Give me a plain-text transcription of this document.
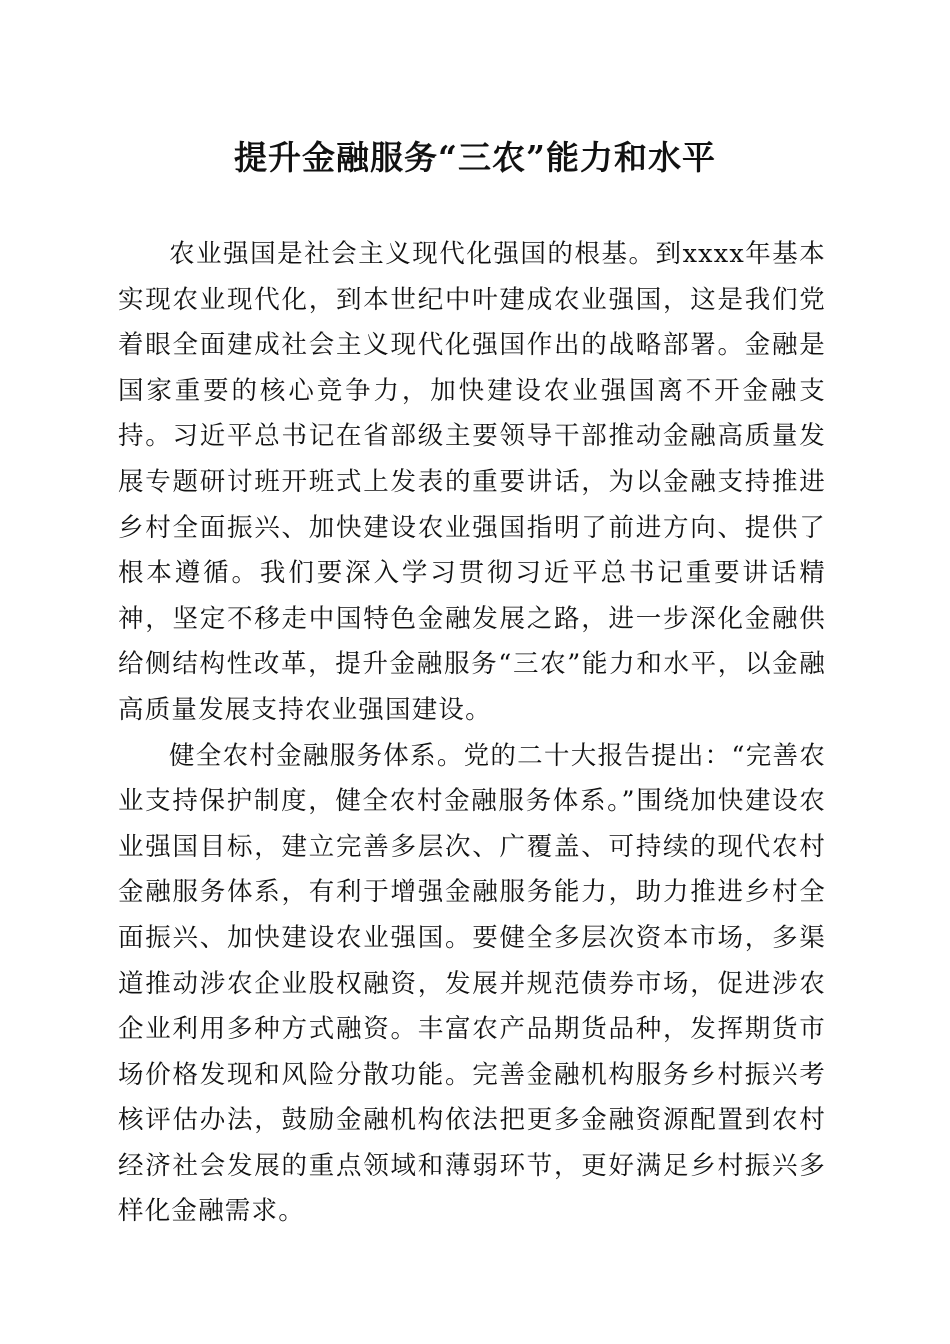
提升金融服务“三农”能力和水平

农业强国是社会主义现代化强国的根基。到xxxx年基本实现农业现代化，到本世纪中叶建成农业强国，这是我们党着眼全面建成社会主义现代化强国作出的战略部署。金融是国家重要的核心竞争力，加快建设农业强国离不开金融支持。习近平总书记在省部级主要领导干部推动金融高质量发展专题研讨班开班式上发表的重要讲话，为以金融支持推进乡村全面振兴、加快建设农业强国指明了前进方向、提供了根本遵循。我们要深入学习贯彻习近平总书记重要讲话精神，坚定不移走中国特色金融发展之路，进一步深化金融供给侧结构性改革，提升金融服务“三农”能力和水平，以金融高质量发展支持农业强国建设。

健全农村金融服务体系。党的二十大报告提出：“完善农业支持保护制度，健全农村金融服务体系。”围绕加快建设农业强国目标，建立完善多层次、广覆盖、可持续的现代农村金融服务体系，有利于增强金融服务能力，助力推进乡村全面振兴、加快建设农业强国。要健全多层次资本市场，多渠道推动涉农企业股权融资，发展并规范债券市场，促进涉农企业利用多种方式融资。丰富农产品期货品种，发挥期货市场价格发现和风险分散功能。完善金融机构服务乡村振兴考核评估办法，鼓励金融机构依法把更多金融资源配置到农村经济社会发展的重点领域和薄弱环节，更好满足乡村振兴多样化金融需求。
